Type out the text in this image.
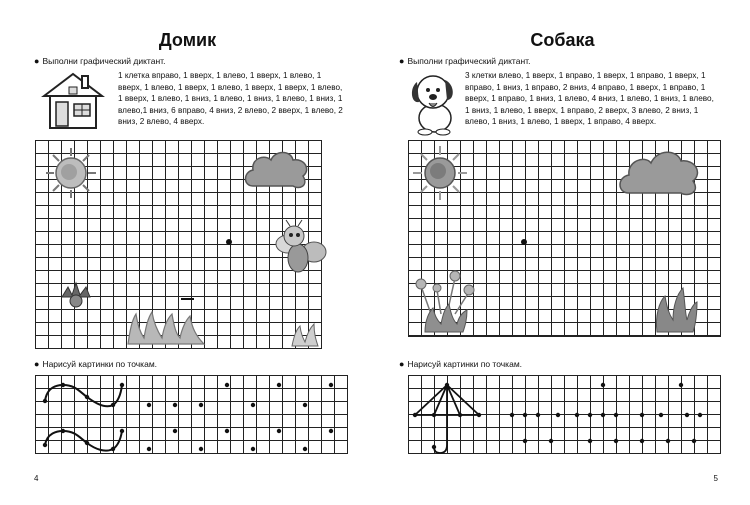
Домик
● Выполни графический диктант.
1 клетка вправо, 1 вверх, 1 влево, 1 вверх, 1 влево, 1 вверх, 1 влево, 1 вверх, 1 влево, 1 вверх, 1 вверх, 1 влево, 1 вверх, 1 влево, 1 вниз, 1 влево, 1 вниз, 1 влево, 1 вниз, 1 влево,1 вниз, 6 вправо, 4 вниз, 2 влево, 2 вверх, 1 влево, 2 вниз, 2 влево, 4 вверх.
● Нарисуй картинки по точкам.
4
Собака
● Выполни графический диктант.
3 клетки влево, 1 вверх, 1 вправо, 1 вверх, 1 вправо, 1 вверх, 1 вправо, 1 вниз, 1 вправо, 2 вниз, 4 вправо, 1 вверх, 1 вправо, 1 вверх, 1 вправо, 1 вниз, 1 влево, 4 вниз, 1 влево, 1 вниз, 1 влево, 1 вниз, 1 влево, 1 вверх, 1 вправо, 2 вверх, 3 влево, 2 вниз, 1 влево, 1 вниз, 1 влево, 1 вверх, 1 вправо, 4 вверх.
● Нарисуй картинки по точкам.
5
